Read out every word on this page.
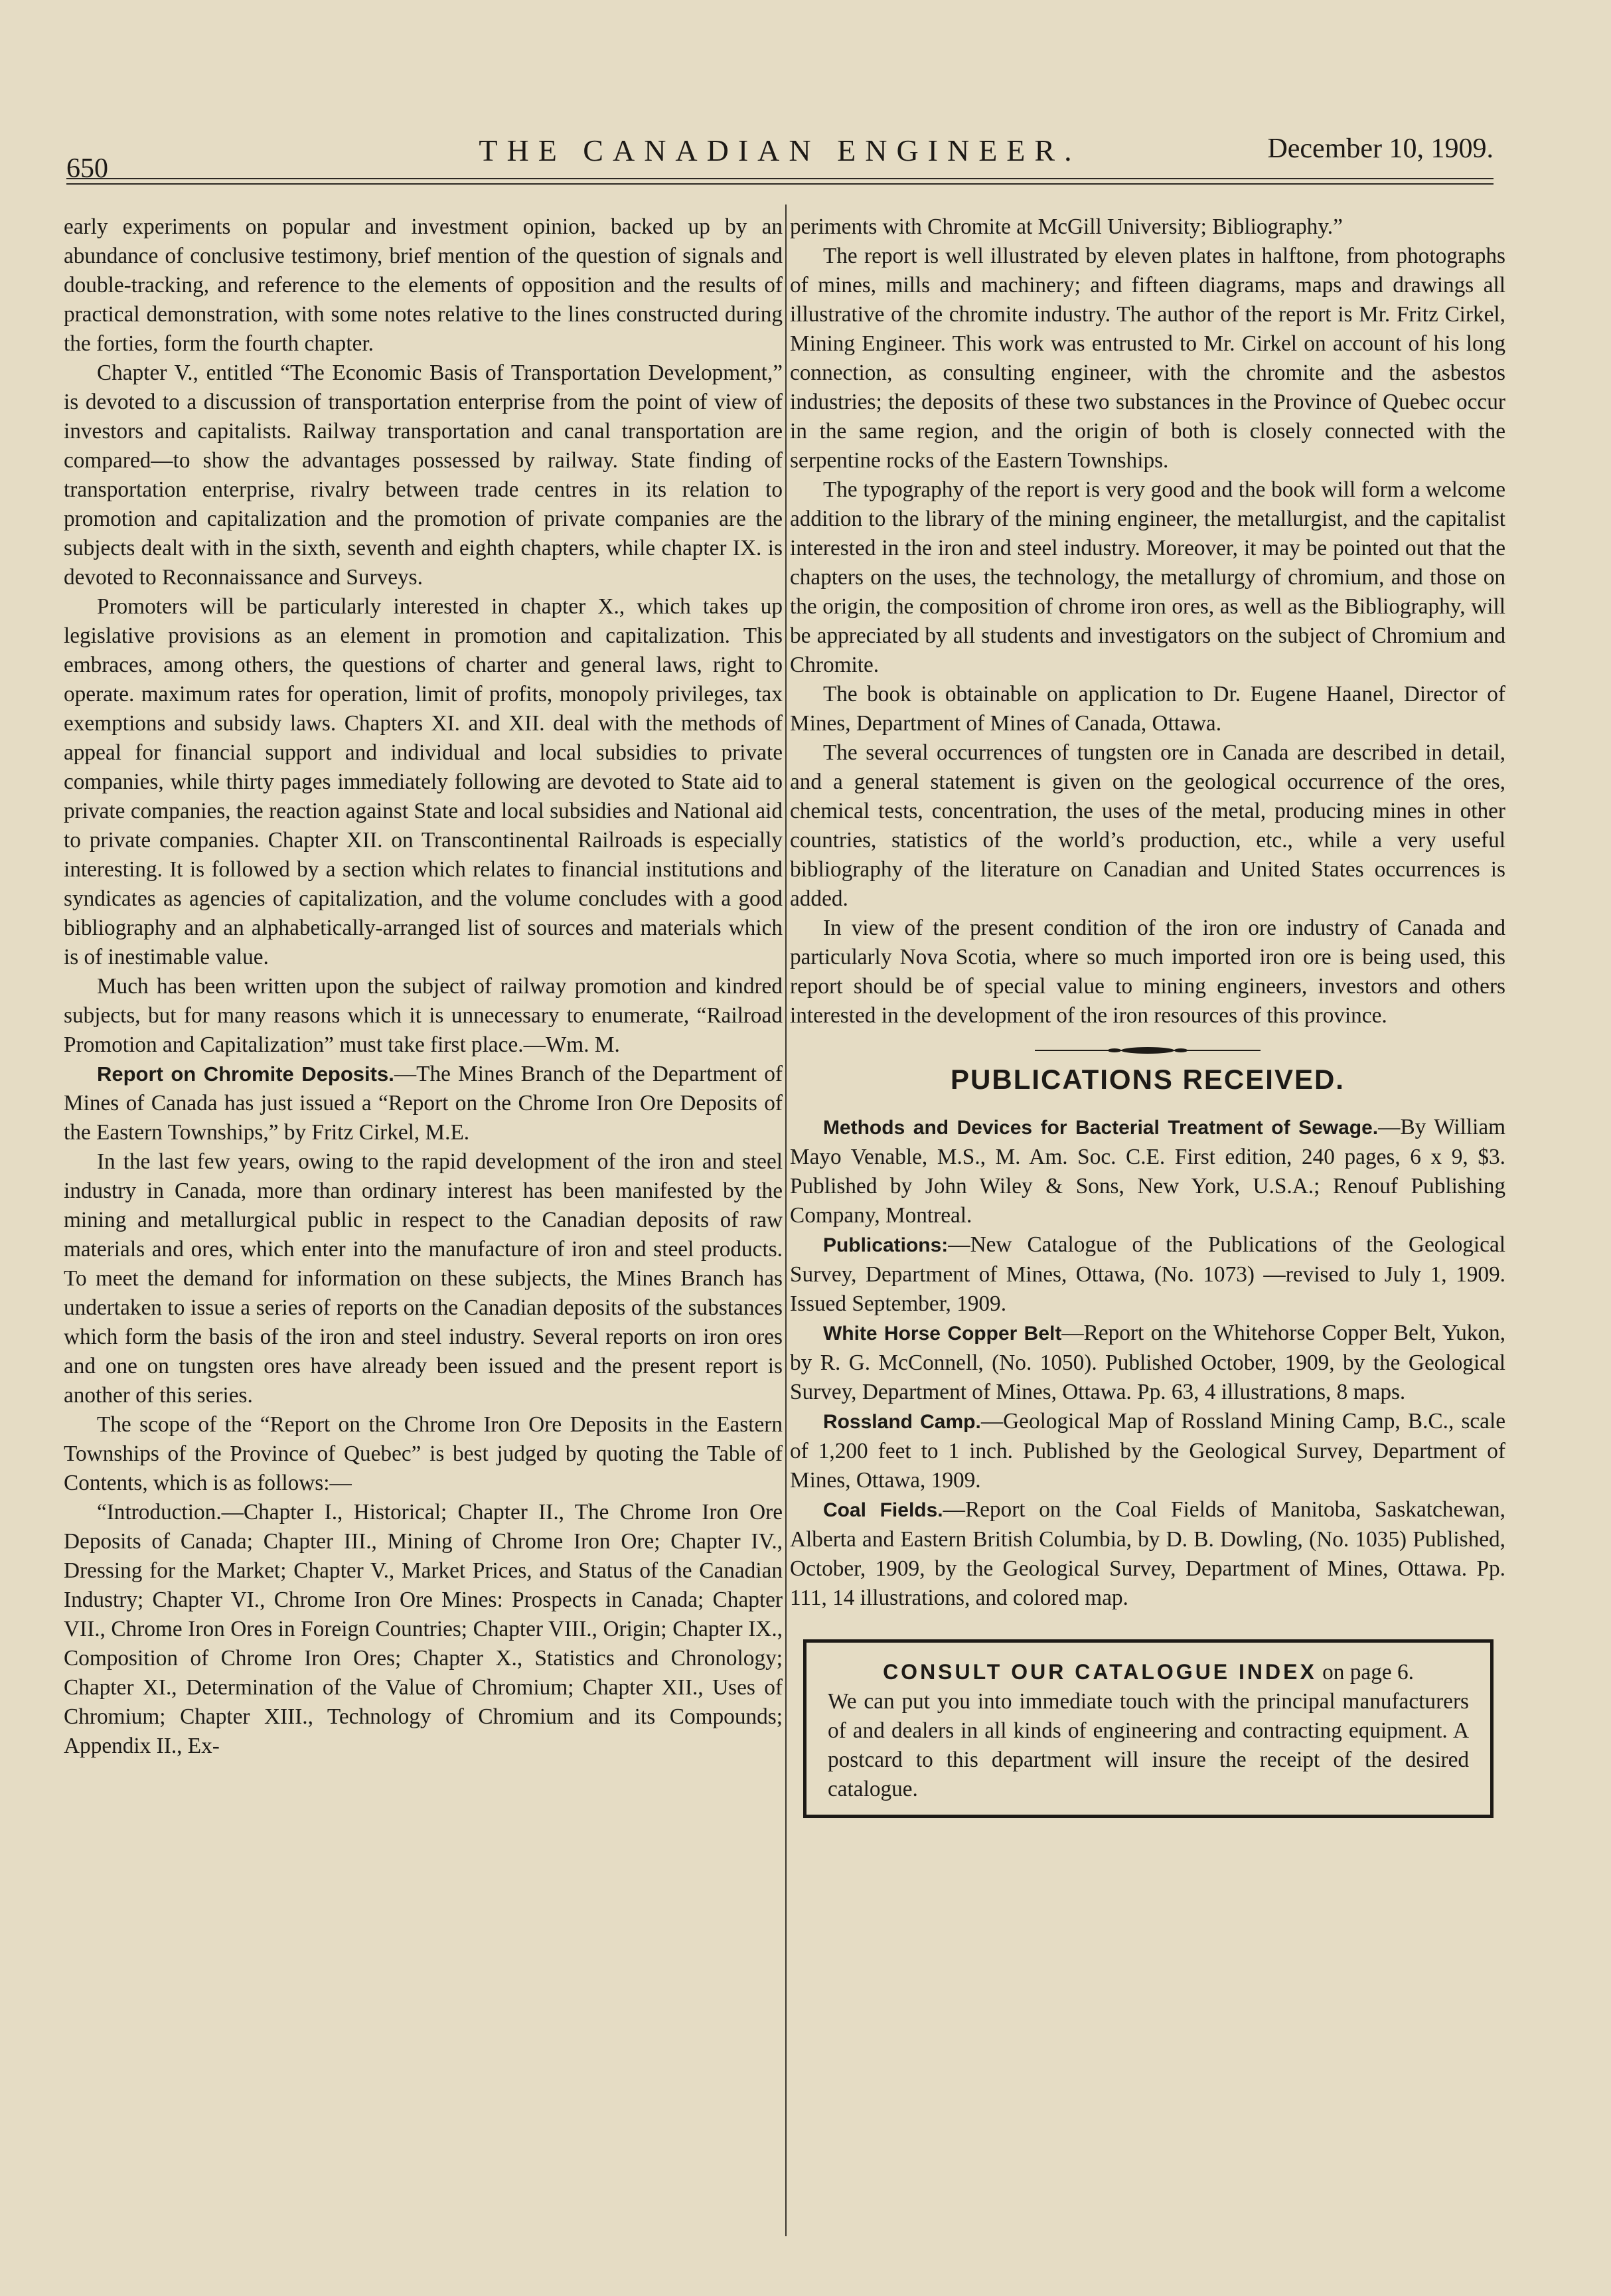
650
THE CANADIAN ENGINEER.	December 10, 1909.

early experiments on popular and investment opinion, backed up by an abundance of conclusive testimony, brief mention of the question of signals and double-tracking, and reference to the elements of opposition and the results of practical demonstration, with some notes relative to the lines constructed during the forties, form the fourth chapter.

Chapter V., entitled “The Economic Basis of Transportation Development,” is devoted to a discussion of transportation enterprise from the point of view of investors and capitalists. Railway transportation and canal transportation are compared—to show the advantages possessed by railway. State finding of transportation enterprise, rivalry between trade centres in its relation to promotion and capitalization and the promotion of private companies are the subjects dealt with in the sixth, seventh and eighth chapters, while chapter IX. is devoted to Reconnaissance and Surveys.

Promoters will be particularly interested in chapter X., which takes up legislative provisions as an element in promotion and capitalization. This embraces, among others, the questions of charter and general laws, right to operate. maximum rates for operation, limit of profits, monopoly privileges, tax exemptions and subsidy laws. Chapters XI. and XII. deal with the methods of appeal for financial support and individual and local subsidies to private companies, while thirty pages immediately following are devoted to State aid to private companies, the reaction against State and local subsidies and National aid to private companies. Chapter XII. on Transcontinental Railroads is especially interesting. It is followed by a section which relates to financial institutions and syndicates as agencies of capitalization, and the volume concludes with a good bibliography and an alphabetically-arranged list of sources and materials which is of inestimable value.

Much has been written upon the subject of railway promotion and kindred subjects, but for many reasons which it is unnecessary to enumerate, “Railroad Promotion and Capitalization” must take first place.—Wm. M.

Report on Chromite Deposits.—The Mines Branch of the Department of Mines of Canada has just issued a “Report on the Chrome Iron Ore Deposits of the Eastern Townships,” by Fritz Cirkel, M.E.

In the last few years, owing to the rapid development of the iron and steel industry in Canada, more than ordinary interest has been manifested by the mining and metallurgical public in respect to the Canadian deposits of raw materials and ores, which enter into the manufacture of iron and steel products. To meet the demand for information on these subjects, the Mines Branch has undertaken to issue a series of reports on the Canadian deposits of the substances which form the basis of the iron and steel industry. Several reports on iron ores and one on tungsten ores have already been issued and the present report is another of this series.

The scope of the “Report on the Chrome Iron Ore Deposits in the Eastern Townships of the Province of Quebec” is best judged by quoting the Table of Contents, which is as follows:—

“Introduction.—Chapter I., Historical; Chapter II., The Chrome Iron Ore Deposits of Canada; Chapter III., Mining of Chrome Iron Ore; Chapter IV., Dressing for the Market; Chapter V., Market Prices, and Status of the Canadian Industry; Chapter VI., Chrome Iron Ore Mines: Prospects in Canada; Chapter VII., Chrome Iron Ores in Foreign Countries; Chapter VIII., Origin; Chapter IX., Composition of Chrome Iron Ores; Chapter X., Statistics and Chronology; Chapter XI., Determination of the Value of Chromium; Chapter XII., Uses of Chromium; Chapter XIII., Technology of Chromium and its Compounds; Appendix II., Ex-

periments with Chromite at McGill University; Bibliography.”

The report is well illustrated by eleven plates in halftone, from photographs of mines, mills and machinery; and fifteen diagrams, maps and drawings all illustrative of the chromite industry. The author of the report is Mr. Fritz Cirkel, Mining Engineer. This work was entrusted to Mr. Cirkel on account of his long connection, as consulting engineer, with the chromite and the asbestos industries; the deposits of these two substances in the Province of Quebec occur in the same region, and the origin of both is closely connected with the serpentine rocks of the Eastern Townships.

The typography of the report is very good and the book will form a welcome addition to the library of the mining engineer, the metallurgist, and the capitalist interested in the iron and steel industry. Moreover, it may be pointed out that the chapters on the uses, the technology, the metallurgy of chromium, and those on the origin, the composition of chrome iron ores, as well as the Bibliography, will be appreciated by all students and investigators on the subject of Chromium and Chromite.

The book is obtainable on application to Dr. Eugene Haanel, Director of Mines, Department of Mines of Canada, Ottawa.

The several occurrences of tungsten ore in Canada are described in detail, and a general statement is given on the geological occurrence of the ores, chemical tests, concentration, the uses of the metal, producing mines in other countries, statistics of the world’s production, etc., while a very useful bibliography of the literature on Canadian and United States occurrences is added.

In view of the present condition of the iron ore industry of Canada and particularly Nova Scotia, where so much imported iron ore is being used, this report should be of special value to mining engineers, investors and others interested in the development of the iron resources of this province.

PUBLICATIONS RECEIVED.

Methods and Devices for Bacterial Treatment of Sewage.—By William Mayo Venable, M.S., M. Am. Soc. C.E. First edition, 240 pages, 6 x 9, $3. Published by John Wiley & Sons, New York, U.S.A.; Renouf Publishing Company, Montreal.

Publications:—New Catalogue of the Publications of the Geological Survey, Department of Mines, Ottawa, (No. 1073) —revised to July 1, 1909. Issued September, 1909.

White Horse Copper Belt—Report on the Whitehorse Copper Belt, Yukon, by R. G. McConnell, (No. 1050). Published October, 1909, by the Geological Survey, Department of Mines, Ottawa. Pp. 63, 4 illustrations, 8 maps.

Rossland Camp.—Geological Map of Rossland Mining Camp, B.C., scale of 1,200 feet to 1 inch. Published by the Geological Survey, Department of Mines, Ottawa, 1909.

Coal Fields.—Report on the Coal Fields of Manitoba, Saskatchewan, Alberta and Eastern British Columbia, by D. B. Dowling, (No. 1035) Published, October, 1909, by the Geological Survey, Department of Mines, Ottawa. Pp. 111, 14 illustrations, and colored map.

CONSULT OUR CATALOGUE INDEX on page 6.
We can put you into immediate touch with the principal manufacturers of and dealers in all kinds of engineering and contracting equipment. A postcard to this department will insure the receipt of the desired catalogue.
